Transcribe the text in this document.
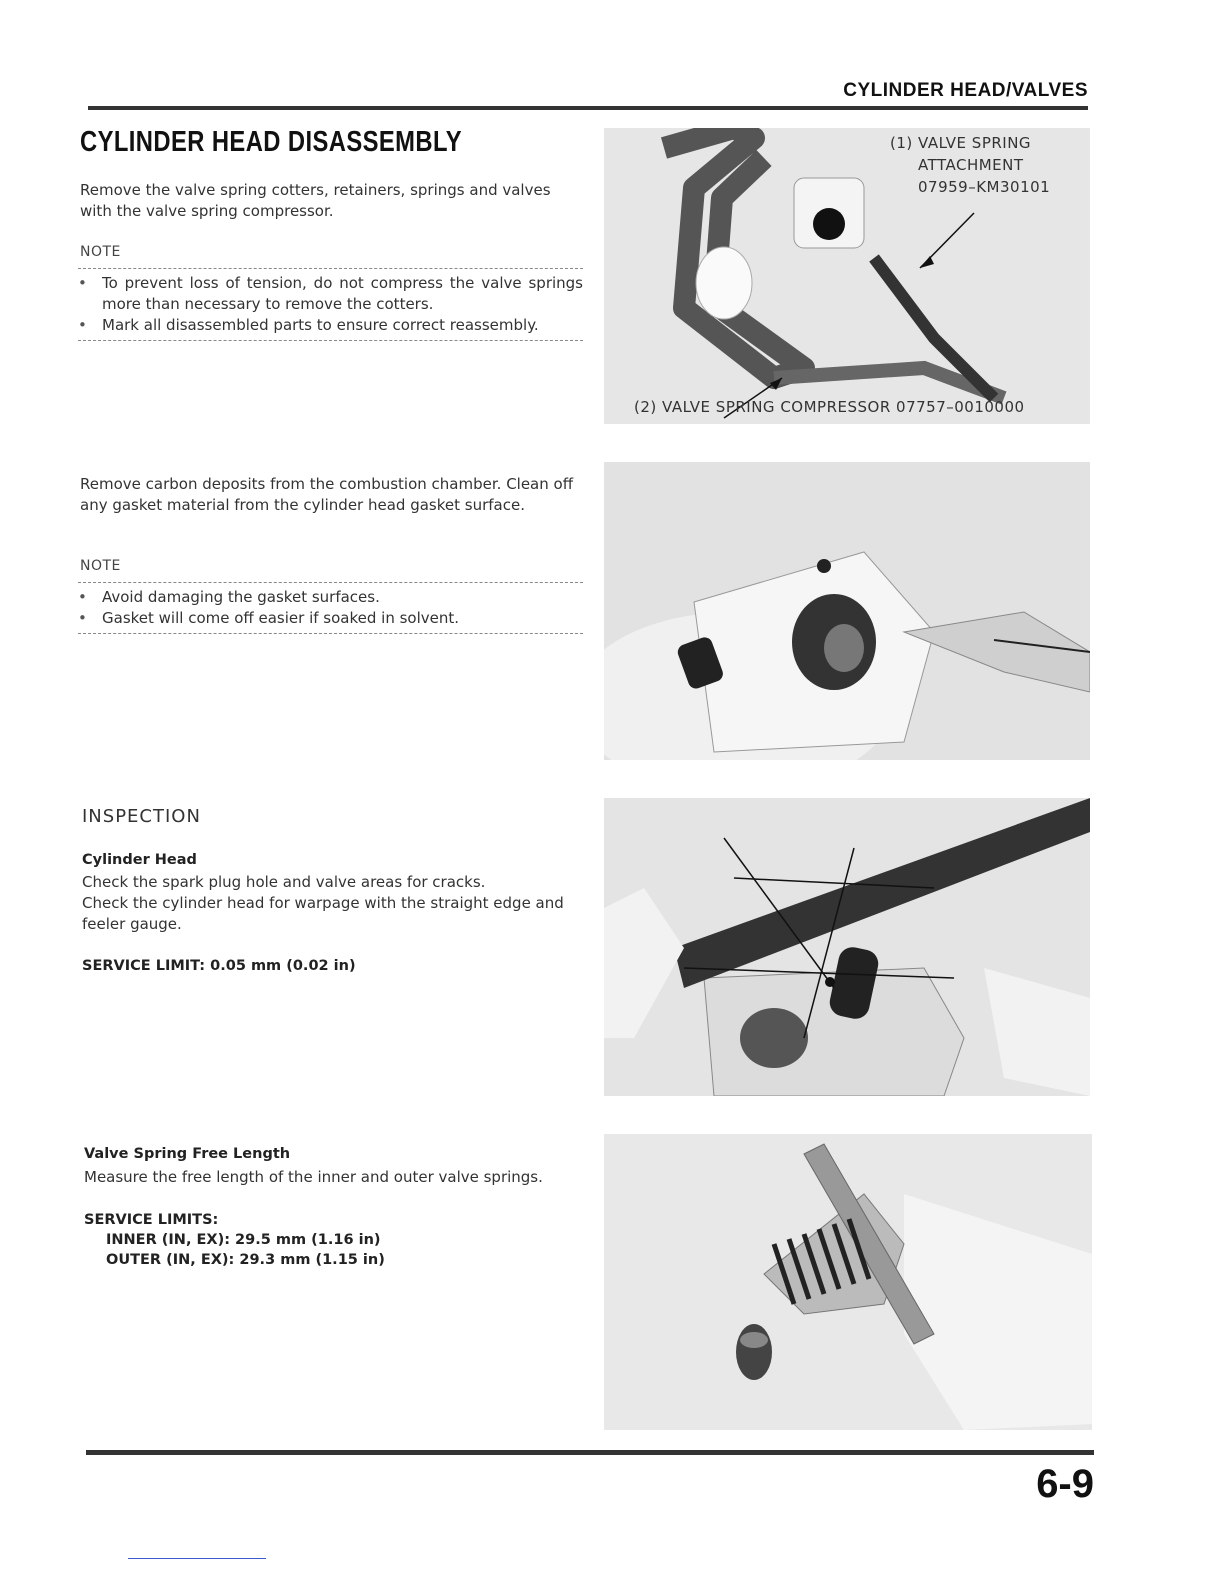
CYLINDER HEAD/VALVES
CYLINDER HEAD DISASSEMBLY
Remove the valve spring cotters, retainers, springs and valves with the valve spring compressor.
NOTE
• To prevent loss of tension, do not compress the valve springs more than necessary to remove the cotters.
• Mark all disassembled parts to ensure correct reassembly.
(1) VALVE SPRING
ATTACHMENT
07959–KM30101
(2) VALVE SPRING COMPRESSOR 07757–0010000
Remove carbon deposits from the combustion chamber. Clean off any gasket material from the cylinder head gasket surface.
NOTE
• Avoid damaging the gasket surfaces.
• Gasket will come off easier if soaked in solvent.
INSPECTION
Cylinder Head
Check the spark plug hole and valve areas for cracks.
Check the cylinder head for warpage with the straight edge and feeler gauge.
SERVICE LIMIT: 0.05 mm (0.02 in)
Valve Spring Free Length
Measure the free length of the inner and outer valve springs.
SERVICE LIMITS:
INNER (IN, EX): 29.5 mm (1.16 in)
OUTER (IN, EX): 29.3 mm (1.15 in)
6-9
